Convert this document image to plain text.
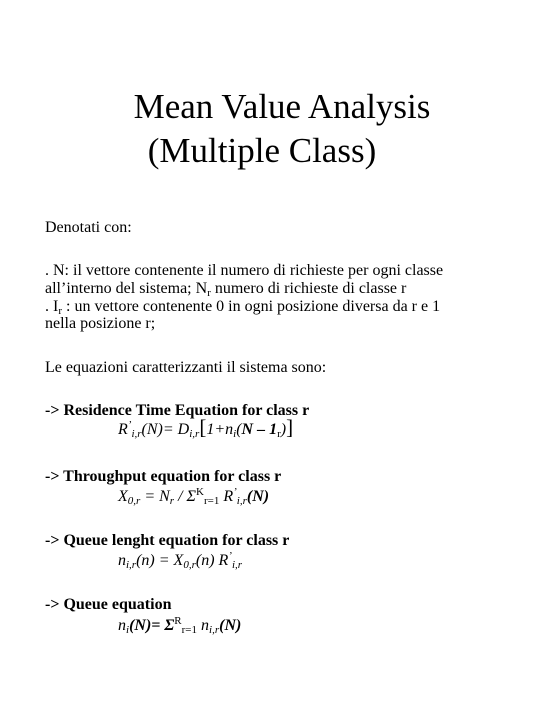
Mean Value Analysis
(Multiple Class)
Denotati con:
. N: il vettore contenente il numero di richieste per ogni classe
all’interno del sistema; $N_r$ numero di richieste di classe r
. $I_r$ : un vettore contenente 0 in ogni posizione diversa da r e 1
nella posizione r;
Le equazioni caratterizzanti il sistema sono:
-> Residence Time Equation for class r
$R^’_{i,r}(N)= D_{i,r}[1+n_i(N - 1_r)]$
-> Throughput equation for class r
$X_{0,r} = N_r / \Sigma^K_{r=1}$ $R^’_{i,r}(N)$
-> Queue lenght equation for class r
$n_{i,r}(n) = X_{0,r}(n)$ $R^’_{i,r}$
-> Queue equation
$n_i(N)= \Sigma^R_{r=1}$ $n_{i,r}(N)$
